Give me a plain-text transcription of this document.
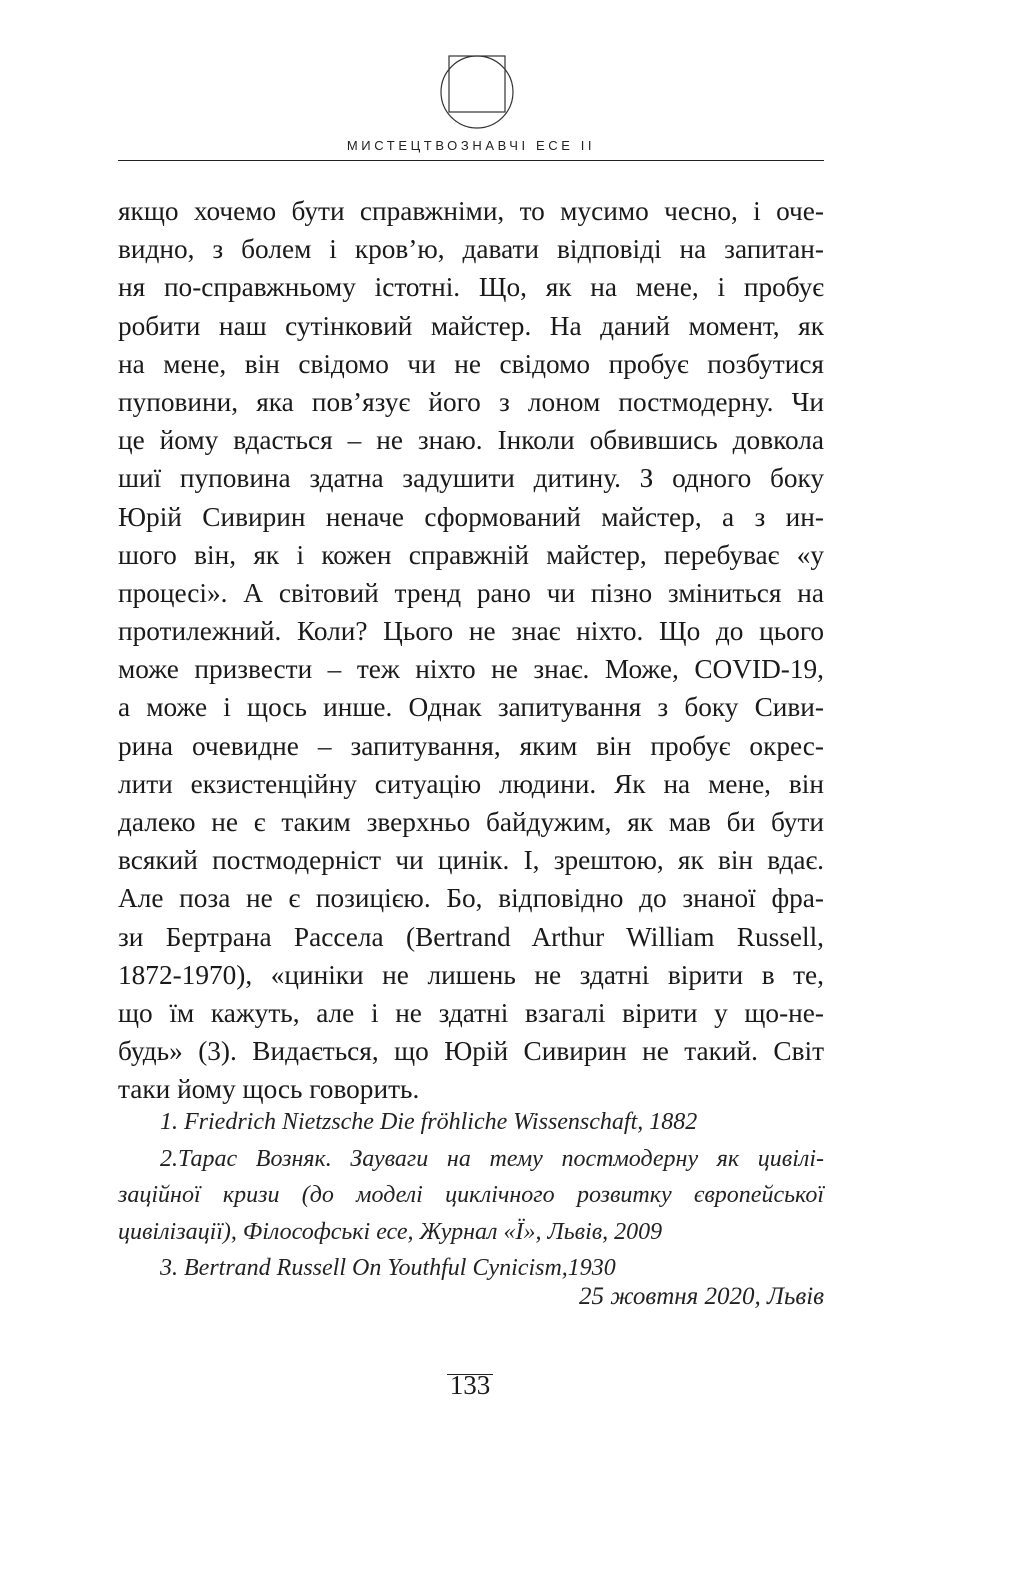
МИСТЕЦТВОЗНАВЧІ ЕСЕ ІІ
якщо хочемо бути справжніми, то мусимо чесно, і оче-
видно, з болем і кров’ю, давати відповіді на запитан-
ня по-справжньому істотні. Що, як на мене, і пробує
робити наш сутінковий майстер. На даний момент, як
на мене, він свідомо чи не свідомо пробує позбутися
пуповини, яка пов’язує його з лоном постмодерну. Чи
це йому вдасться – не знаю. Інколи обвившись довкола
шиї пуповина здатна задушити дитину. З одного боку
Юрій Сивирин неначе сформований майстер, а з ин-
шого він, як і кожен справжній майстер, перебуває «у
процесі». А світовий тренд рано чи пізно зміниться на
протилежний. Коли? Цього не знає ніхто. Що до цього
може призвести – теж ніхто не знає. Може, COVID-19,
а може і щось инше. Однак запитування з боку Сиви-
рина очевидне – запитування, яким він пробує окрес-
лити екзистенційну ситуацію людини. Як на мене, він
далеко не є таким зверхньо байдужим, як мав би бути
всякий постмодерніст чи цинік. І, зрештою, як він вдає.
Але поза не є позицією. Бо, відповідно до знаної фра-
зи Бертрана Рассела (Bertrand Arthur William Russell,
1872-1970), «циніки не лишень не здатні вірити в те,
що їм кажуть, але і не здатні взагалі вірити у що-не-
будь» (3). Видається, що Юрій Сивирин не такий. Світ
таки йому щось говорить.
1. Friedrich Nietzsche Die fröhliche Wissenschaft, 1882
2.Тарас Возняк. Зауваги на тему постмодерну як цивілі-
заційної кризи (до моделі циклічного розвитку європейської
цивілізації), Філософські есе, Журнал «Ї», Львів, 2009
3. Bertrand Russell On Youthful Cynicism,1930
25 жовтня 2020, Львів
133
